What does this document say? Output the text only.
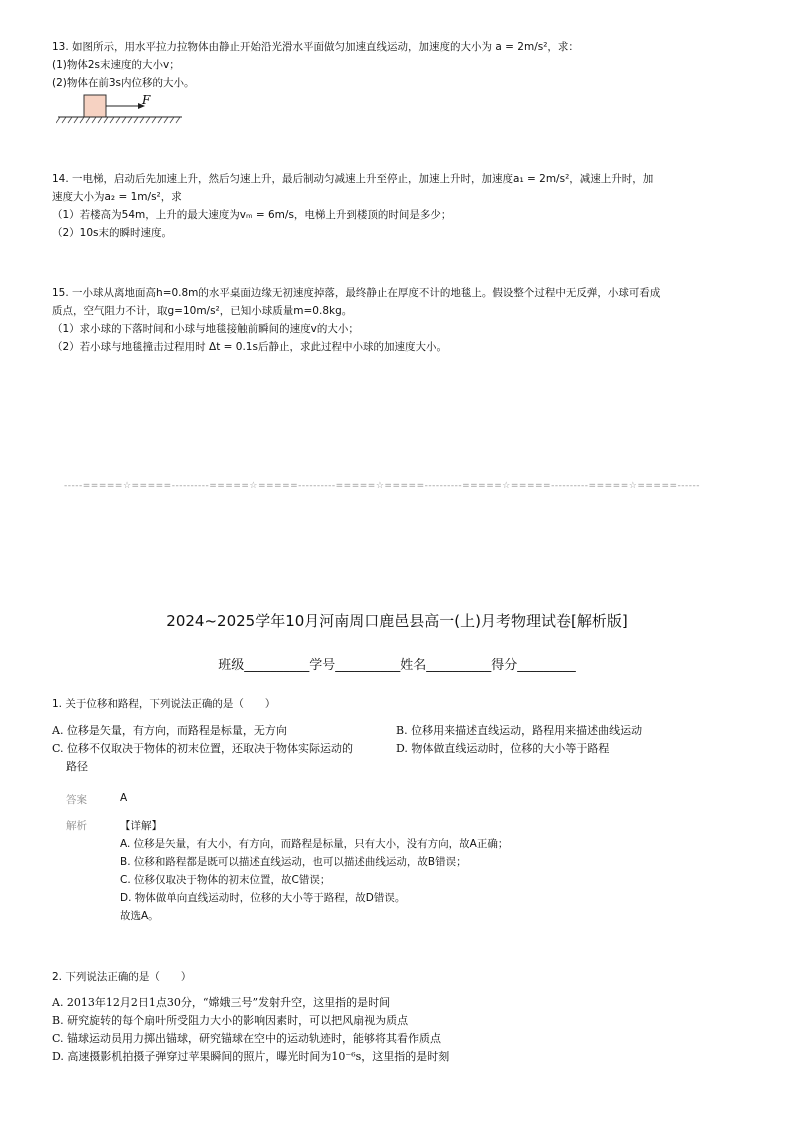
13. 如图所示，用水平拉力拉物体由静止开始沿光滑水平面做匀加速直线运动，加速度的大小为 a = 2m/s²，求：
(1)物体2s末速度的大小v；
(2)物体在前3s内位移的大小。
F
14. 一电梯，启动后先加速上升，然后匀速上升，最后制动匀减速上升至停止，加速上升时，加速度a₁ = 2m/s²，减速上升时，加
速度大小为a₂ = 1m/s²，求
（1）若楼高为54m，上升的最大速度为vₘ = 6m/s，电梯上升到楼顶的时间是多少；
（2）10s末的瞬时速度。
15. 一小球从离地面高h=0.8m的水平桌面边缘无初速度掉落，最终静止在厚度不计的地毯上。假设整个过程中无反弹，小球可看成
质点，空气阻力不计，取g=10m/s²，已知小球质量m=0.8kg。
（1）求小球的下落时间和小球与地毯接触前瞬间的速度v的大小；
（2）若小球与地毯撞击过程用时 Δt = 0.1s后静止，求此过程中小球的加速度大小。
-----=====☆=====----------=====☆=====----------=====☆=====----------=====☆=====----------=====☆=====------
2024~2025学年10月河南周口鹿邑县高一(上)月考物理试卷[解析版]
班级__________学号__________姓名__________得分_________
1. 关于位移和路程，下列说法正确的是（　　）
A. 位移是矢量，有方向，而路程是标量，无方向	B. 位移用来描述直线运动，路程用来描述曲线运动
C. 位移不仅取决于物体的初末位置，还取决于物体实际运动的
路径
D. 物体做直线运动时，位移的大小等于路程
答案	A
解析	【详解】
A. 位移是矢量，有大小，有方向，而路程是标量，只有大小，没有方向，故A正确；
B. 位移和路程都是既可以描述直线运动，也可以描述曲线运动，故B错误；
C. 位移仅取决于物体的初末位置，故C错误；
D. 物体做单向直线运动时，位移的大小等于路程，故D错误。
故选A。
2. 下列说法正确的是（　　）
A. 2013年12月2日1点30分，“嫦娥三号”发射升空，这里指的是时间
B. 研究旋转的每个扇叶所受阻力大小的影响因素时，可以把风扇视为质点
C. 锚球运动员用力掷出锚球，研究锚球在空中的运动轨迹时，能够将其看作质点
D. 高速摄影机拍摄子弹穿过苹果瞬间的照片，曝光时间为10⁻⁶s，这里指的是时刻
